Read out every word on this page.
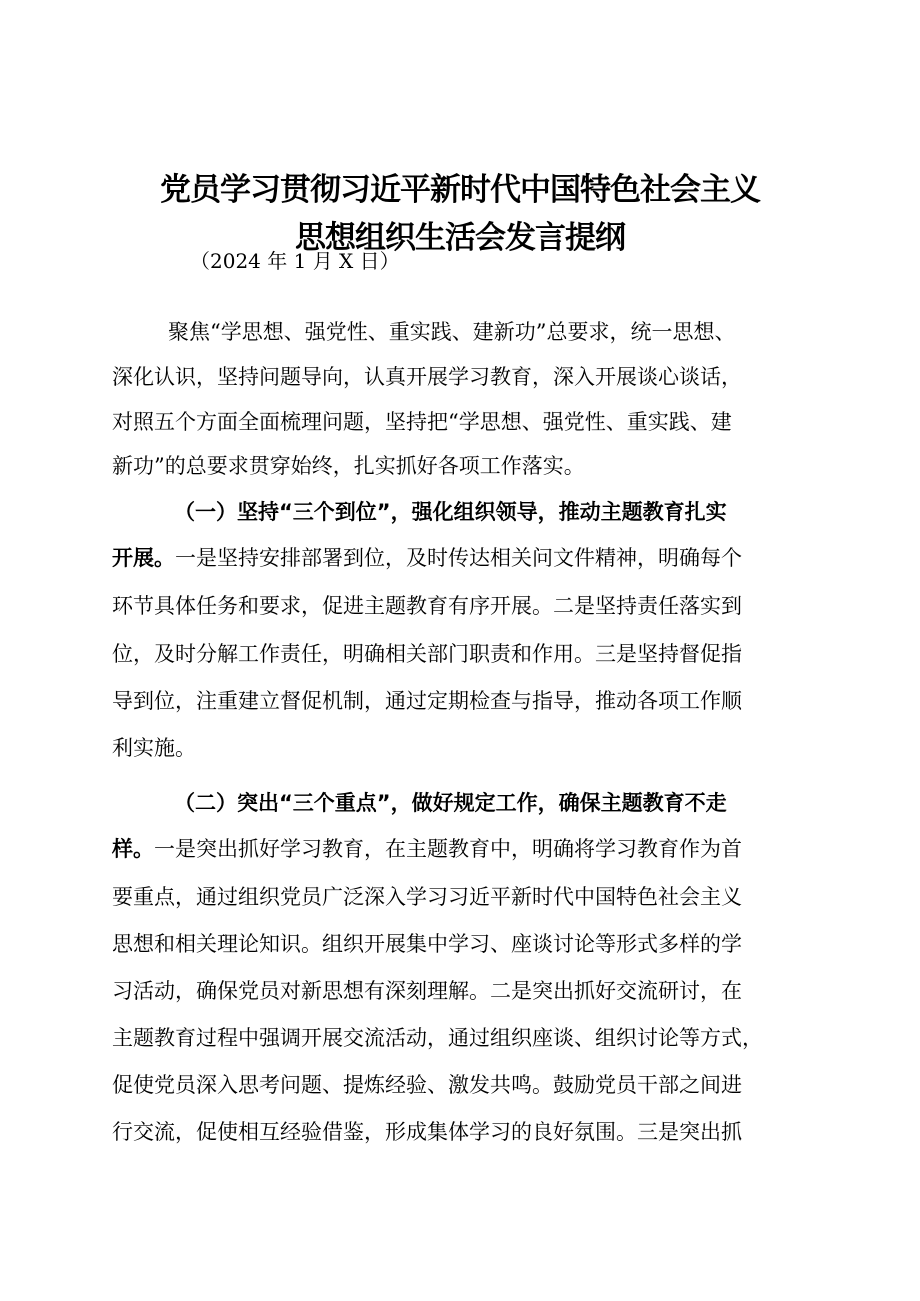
党员学习贯彻习近平新时代中国特色社会主义
思想组织生活会发言提纲

（2024 年 1 月 X 日）

聚焦“学思想、强党性、重实践、建新功”总要求，统一思想、

深化认识，坚持问题导向，认真开展学习教育，深入开展谈心谈话，

对照五个方面全面梳理问题，坚持把“学思想、强党性、重实践、建

新功”的总要求贯穿始终，扎实抓好各项工作落实。

（一）坚持“三个到位”，强化组织领导，推动主题教育扎实

开展。一是坚持安排部署到位，及时传达相关问文件精神，明确每个

环节具体任务和要求，促进主题教育有序开展。二是坚持责任落实到

位，及时分解工作责任，明确相关部门职责和作用。三是坚持督促指

导到位，注重建立督促机制，通过定期检查与指导，推动各项工作顺

利实施。

（二）突出“三个重点”，做好规定工作，确保主题教育不走

样。一是突出抓好学习教育，在主题教育中，明确将学习教育作为首

要重点，通过组织党员广泛深入学习习近平新时代中国特色社会主义

思想和相关理论知识。组织开展集中学习、座谈讨论等形式多样的学

习活动，确保党员对新思想有深刻理解。二是突出抓好交流研讨，在

主题教育过程中强调开展交流活动，通过组织座谈、组织讨论等方式，

促使党员深入思考问题、提炼经验、激发共鸣。鼓励党员干部之间进

行交流，促使相互经验借鉴，形成集体学习的良好氛围。三是突出抓
